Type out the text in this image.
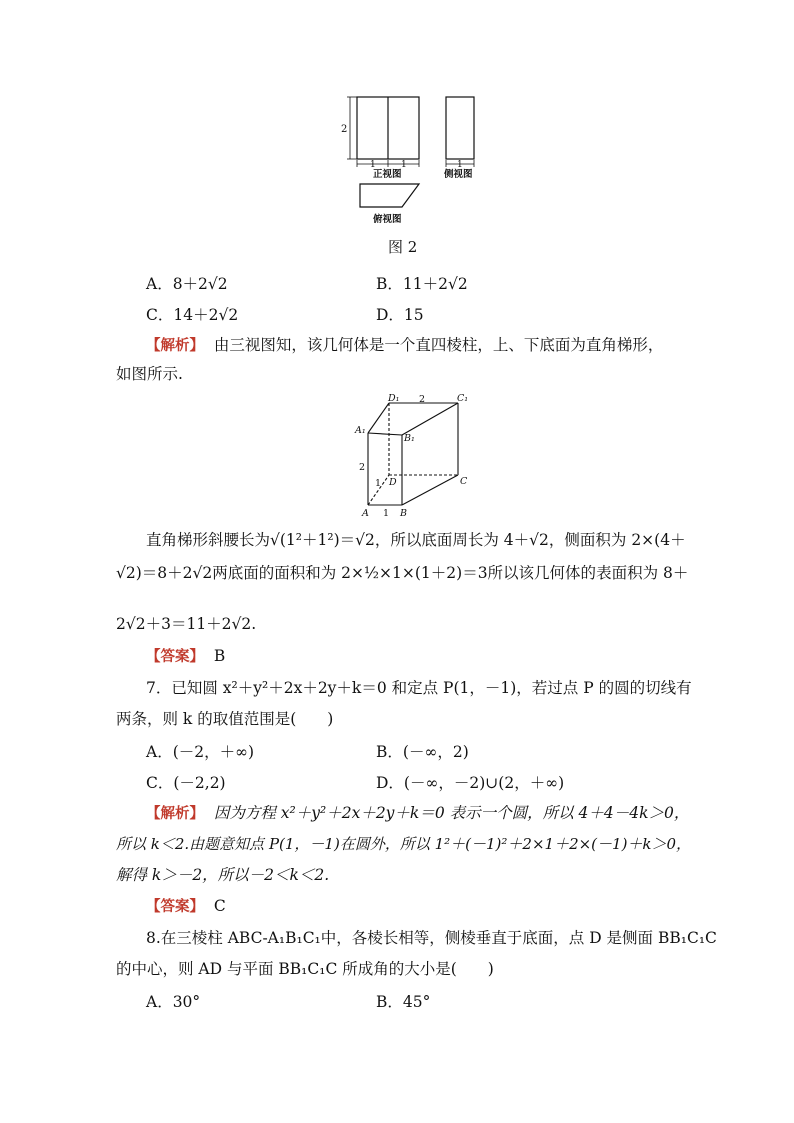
2
1	1
正视图
1
侧视图
俯视图
图 2
A．8＋2√2	B．11＋2√2
C．14＋2√2	D．15
【解析】 由三视图知，该几何体是一个直四棱柱，上、下底面为直角梯形，
如图所示.
D₁ 2	C₁
A₁
B₁
2
1 D	C
A 1 B
直角梯形斜腰长为√(1²＋1²)＝√2，所以底面周长为 4＋√2，侧面积为 2×(4＋
√2)＝8＋2√2两底面的面积和为 2×½×1×(1＋2)＝3所以该几何体的表面积为 8＋
2√2＋3＝11＋2√2.
【答案】 B
7．已知圆 x²＋y²＋2x＋2y＋k＝0 和定点 P(1，－1)，若过点 P 的圆的切线有
两条，则 k 的取值范围是(　　)
A．(－2，＋∞)	B．(－∞，2)
C．(－2,2)	D．(－∞，－2)∪(2，＋∞)
【解析】 因为方程 x²＋y²＋2x＋2y＋k＝0 表示一个圆，所以 4＋4－4k＞0，
所以 k＜2.由题意知点 P(1，－1)在圆外，所以 1²＋(－1)²＋2×1＋2×(－1)＋k＞0，
解得 k＞－2，所以－2＜k＜2.
【答案】 C
8.在三棱柱 ABC-A₁B₁C₁中，各棱长相等，侧棱垂直于底面，点 D 是侧面 BB₁C₁C
的中心，则 AD 与平面 BB₁C₁C 所成角的大小是(　　)
A．30°	B．45°
